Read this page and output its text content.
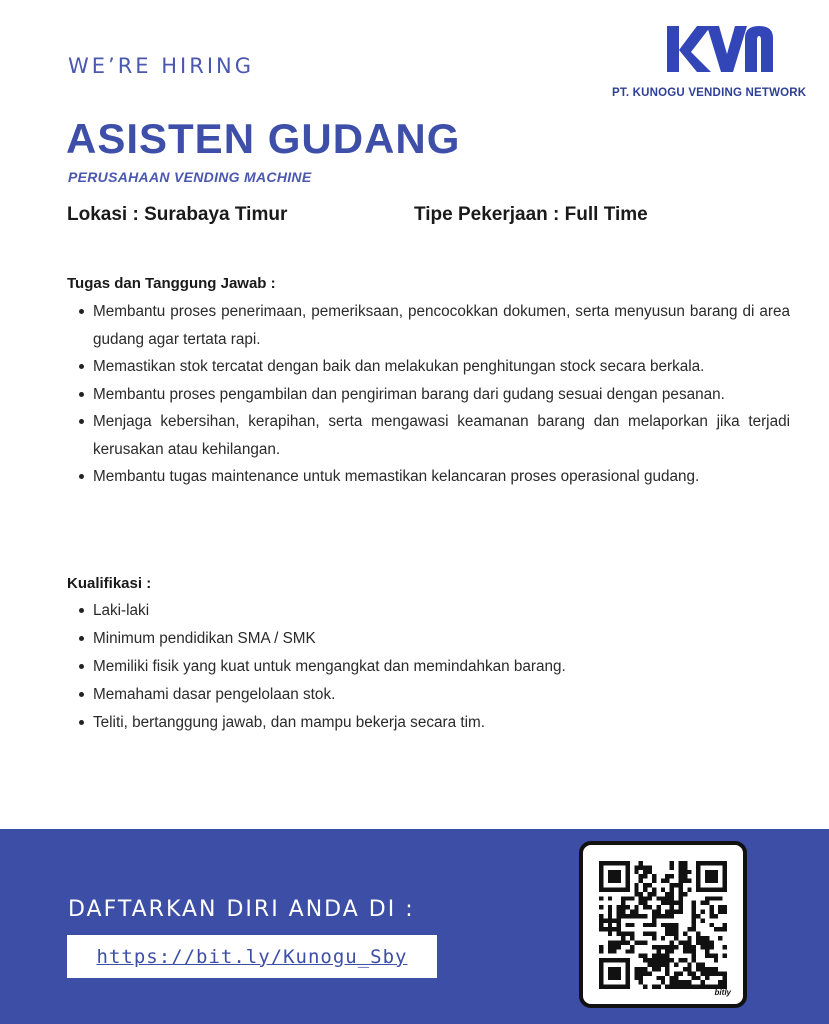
WE’RE HIRING
PT. KUNOGU VENDING NETWORK
ASISTEN GUDANG
PERUSAHAAN VENDING MACHINE
Lokasi : Surabaya Timur	Tipe Pekerjaan : Full Time
Tugas dan Tanggung Jawab :
Membantu proses penerimaan, pemeriksaan, pencocokkan dokumen, serta menyusun barang di area gudang agar tertata rapi.
Memastikan stok tercatat dengan baik dan melakukan penghitungan stock secara berkala.
Membantu proses pengambilan dan pengiriman barang dari gudang sesuai dengan pesanan.
Menjaga kebersihan, kerapihan, serta mengawasi keamanan barang dan melaporkan jika terjadi kerusakan atau kehilangan.
Membantu tugas maintenance untuk memastikan kelancaran proses operasional gudang.
Kualifikasi :
Laki-laki
Minimum pendidikan SMA / SMK
Memiliki fisik yang kuat untuk mengangkat dan memindahkan barang.
Memahami dasar pengelolaan stok.
Teliti, bertanggung jawab, dan mampu bekerja secara tim.
DAFTARKAN DIRI ANDA DI :
https://bit.ly/Kunogu_Sby
bitly
